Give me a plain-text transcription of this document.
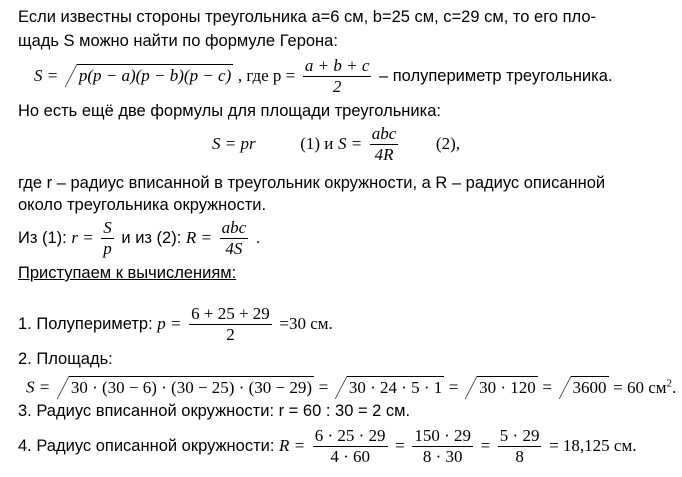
Если известны стороны треугольника a=6 см, b=25 см, c=29 см, то его пло-
щадь S можно найти по формуле Герона:
S = p(p − a)(p − b)(p − c) , где $p = \frac{a + b + c}{2}$ – полупериметр треугольника.
Но есть ещё две формулы для площади треугольника:
S = pr	(1) и $S = \frac{\text{abc}}{4R} (2)$,
где r – радиус вписанной в треугольник окружности, а R – радиус описанной
около треугольника окружности.
Из (1): $r = \frac{S}{p}$ и из (2): $R = \frac{\text{abc}}{4S}$ .
Приступаем к вычислениям:
1. Полупериметр: $p = \frac{6 + 25 + 29}{2} =30$ см.
2. Площадь:
S = 30 · (30 − 6) · (30 − 25) · (30 − 29) = 30 · 24 · 5 · 1 = 30 · 120 = 3600 = 60 $см^2$.
3. Радиус вписанной окружности: r = 60 : 30 = 2 см.
4. Радиус описанной окружности: $R = \frac{6 \cdot 25 \cdot 29}{4 \cdot 60} = \frac{150 \cdot 29}{8 \cdot 30} = \frac{5 \cdot 29}{8} = 18,125$ см.
